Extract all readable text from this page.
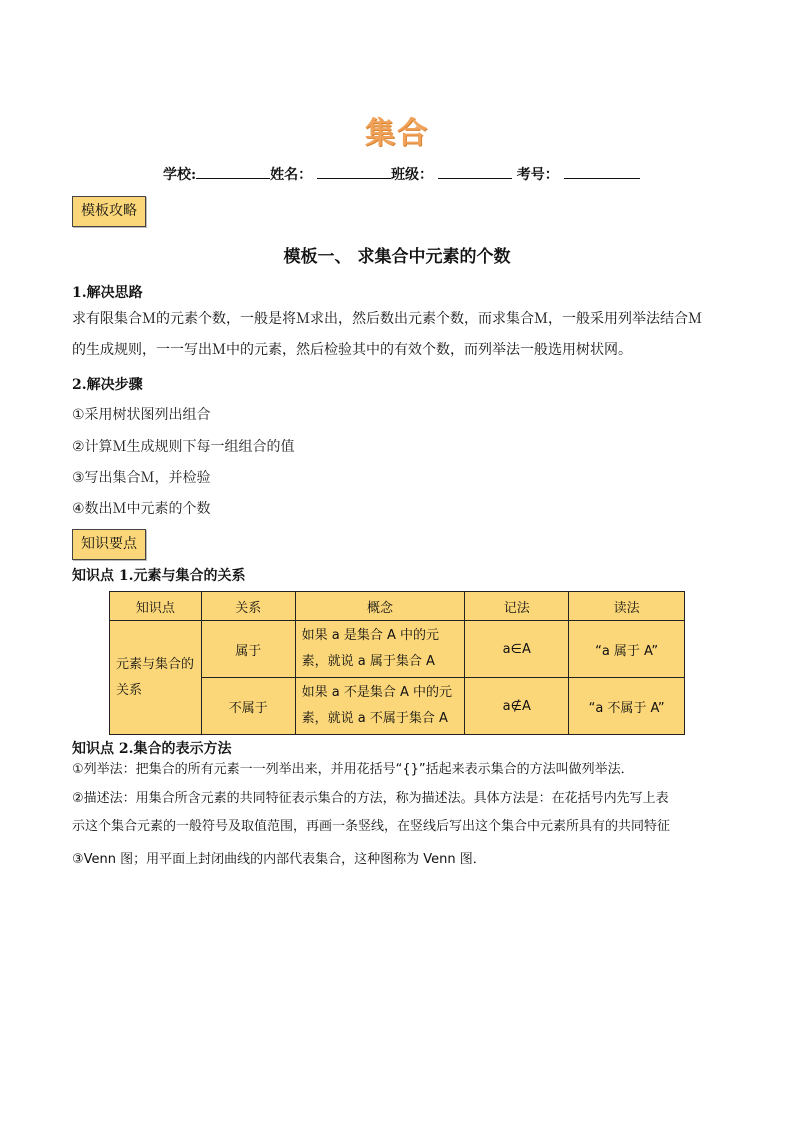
集合
学校:	姓名：	班级：	考号：
模板攻略
模板一、 求集合中元素的个数
1.解决思路
求有限集合Ｍ的元素个数，一般是将Ｍ求出，然后数出元素个数，而求集合Ｍ，一般采用列举法结合Ｍ
的生成规则，一一写出Ｍ中的元素，然后检验其中的有效个数，而列举法一般选用树状网。
2.解决步骤
①采用树状图列出组合
②计算Ｍ生成规则下每一组组合的值
③写出集合Ｍ，并检验
④数出Ｍ中元素的个数
知识要点
知识点 1.元素与集合的关系
知识点	关系	概念	记法	读法
元素与集合的关系	属于	如果 a 是集合 A 中的元素，就说 a 属于集合 A	a∈A	“a 属于 A”
	不属于	如果 a 不是集合 A 中的元素，就说 a 不属于集合 A	a∉A	“a 不属于 A”
知识点 2.集合的表示方法
①列举法：把集合的所有元素一一列举出来，并用花括号“{}”括起来表示集合的方法叫做列举法．
②描述法：用集合所含元素的共同特征表示集合的方法，称为描述法。具体方法是：在花括号内先写上表
示这个集合元素的一般符号及取值范围，再画一条竖线，在竖线后写出这个集合中元素所具有的共同特征
③Venn 图；用平面上封闭曲线的内部代表集合，这种图称为 Venn 图．
